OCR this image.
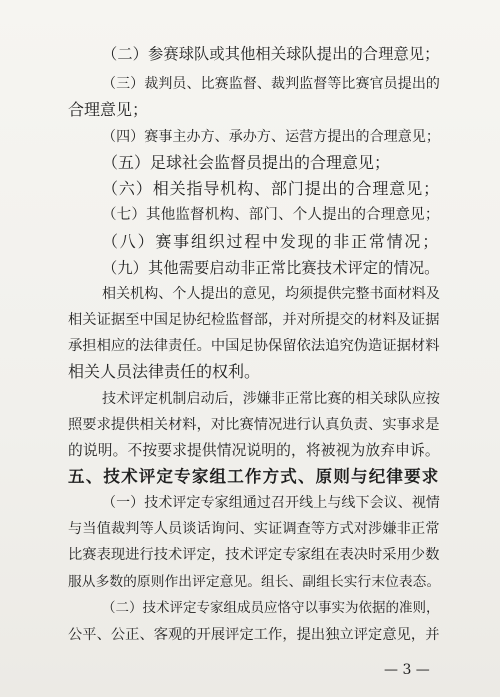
（二）参赛球队或其他相关球队提出的合理意见；
（三）裁判员、比赛监督、裁判监督等比赛官员提出的
合理意见；
（四）赛事主办方、承办方、运营方提出的合理意见；
（五）足球社会监督员提出的合理意见；
（六）相关指导机构、部门提出的合理意见；
（七）其他监督机构、部门、个人提出的合理意见；
（八）赛事组织过程中发现的非正常情况；
（九）其他需要启动非正常比赛技术评定的情况。
相关机构、个人提出的意见，均须提供完整书面材料及
相关证据至中国足协纪检监督部，并对所提交的材料及证据
承担相应的法律责任。中国足协保留依法追究伪造证据材料
相关人员法律责任的权利。
技术评定机制启动后，涉嫌非正常比赛的相关球队应按
照要求提供相关材料，对比赛情况进行认真负责、实事求是
的说明。不按要求提供情况说明的，将被视为放弃申诉。
五、技术评定专家组工作方式、原则与纪律要求
（一）技术评定专家组通过召开线上与线下会议、视情
与当值裁判等人员谈话询问、实证调查等方式对涉嫌非正常
比赛表现进行技术评定，技术评定专家组在表决时采用少数
服从多数的原则作出评定意见。组长、副组长实行末位表态。
（二）技术评定专家组成员应恪守以事实为依据的准则，
公平、公正、客观的开展评定工作，提出独立评定意见，并
— 3 —
